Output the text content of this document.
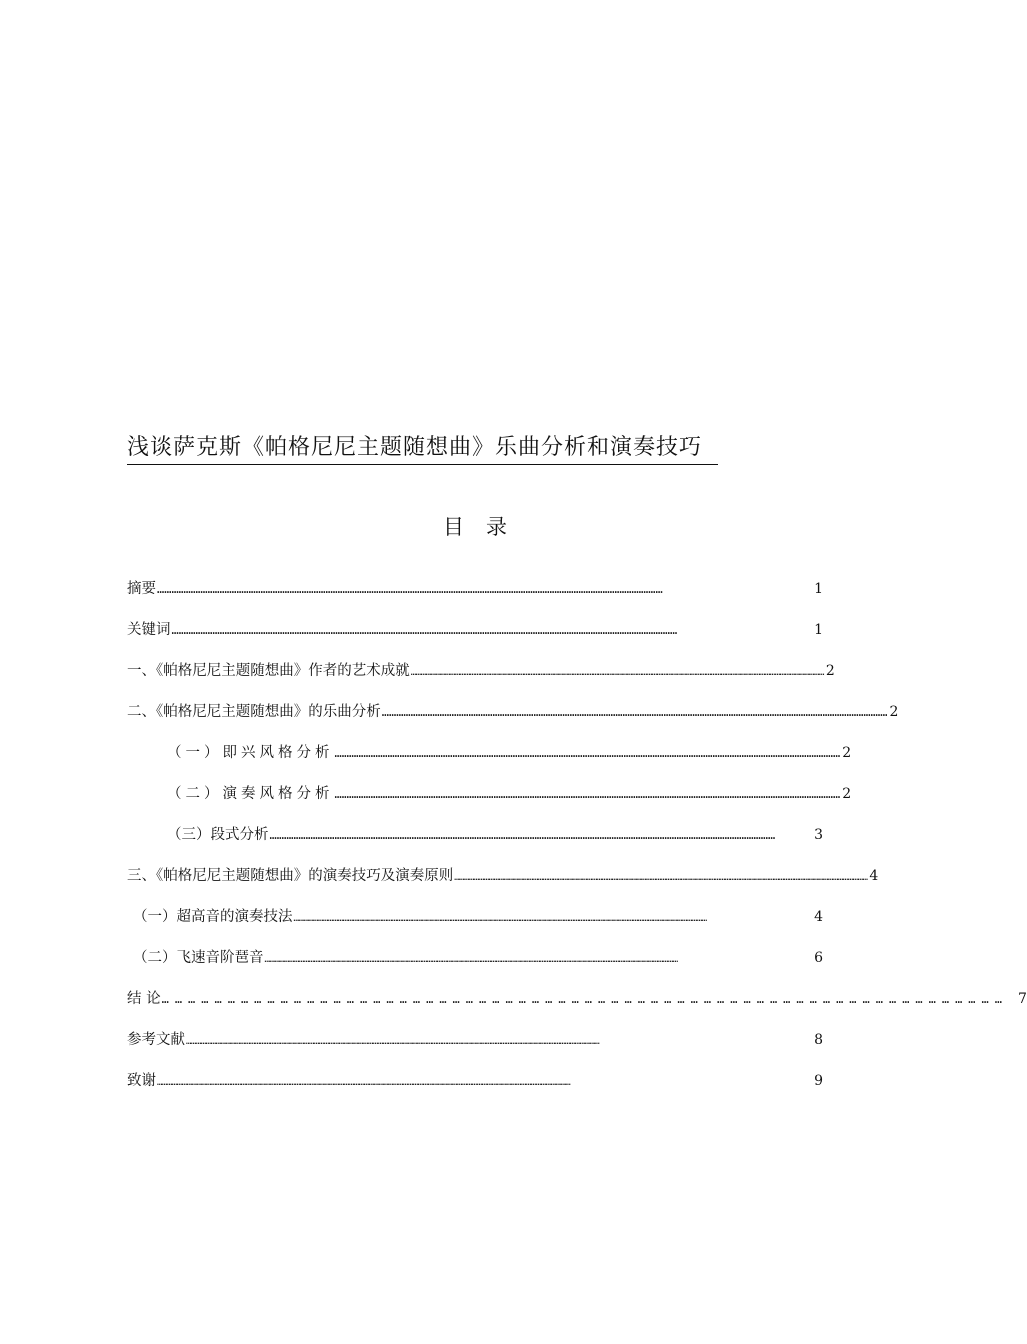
浅谈萨克斯《帕格尼尼主题随想曲》乐曲分析和演奏技巧
目录
摘要 …………………………………………………………………………………………………………………………………………………………………………………………	1
关键词 …………………………………………………………………………………………………………………………………………………………………………………………	1
一、《帕格尼尼主题随想曲》作者的艺术成就 ……………………………………………………………………………………………………………………………………………………………………………………………………………………………… 2
二、《帕格尼尼主题随想曲》的乐曲分析 ………………………………………………………………………………………………………………………………………………………………………………………… 2
（一）即兴风格分析 ………………………………………………………………………………………………………………………………………………………………………………………… 2
（二）演奏风格分析 ………………………………………………………………………………………………………………………………………………………………………………………… 2
（三）段式分析 …………………………………………………………………………………………………………………………………………………………………………………………	3
三、《帕格尼尼主题随想曲》的演奏技巧及演奏原则 ……………………………………………………………………………………………………………………………………………………………………………………………………………………………… 4
（一）超高音的演奏技法 ………………………………………………………………………………………………………………………………………………………………………………………………………………………………	4
（二）飞速音阶琶音 ………………………………………………………………………………………………………………………………………………………………………………………………………………………………	6
结 论 ………………………………………………………………………………………………………………………………………………………………………… 7
参考文献 ………………………………………………………………………………………………………………………………………………………………………………………………………………………………	8
致谢 ………………………………………………………………………………………………………………………………………………………………………………………………………………………………	9
